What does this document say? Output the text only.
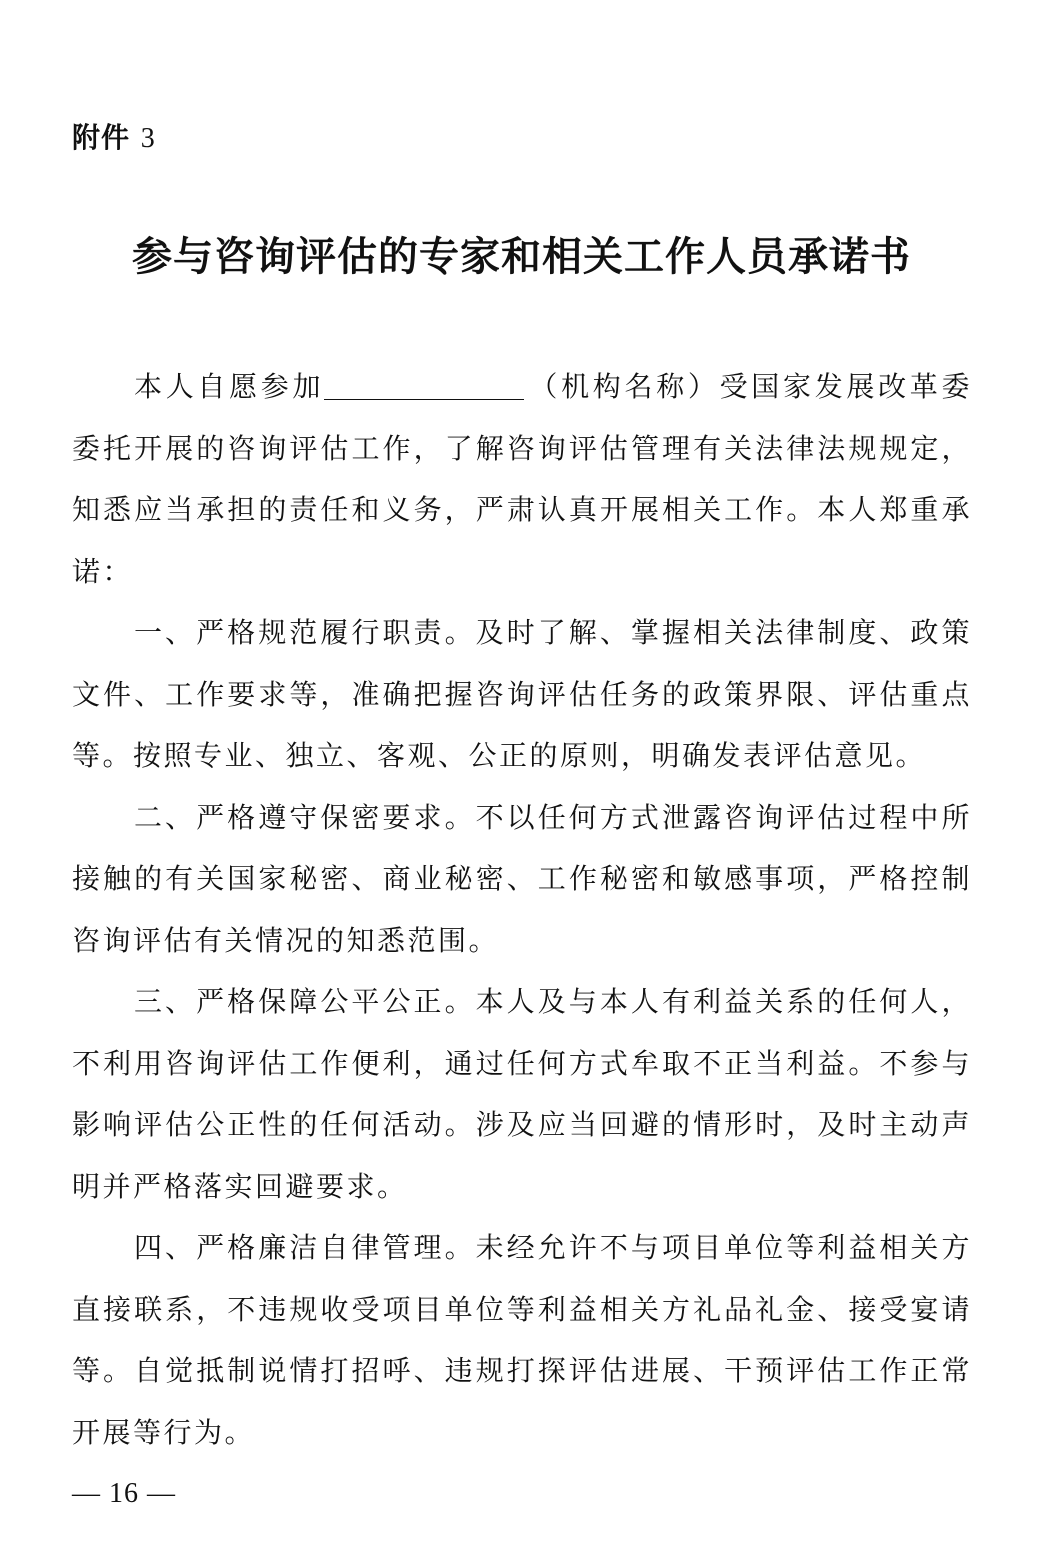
附件 3
参与咨询评估的专家和相关工作人员承诺书

本人自愿参加	（机构名称）受国家发展改革委委托开展的咨询评估工作，了解咨询评估管理有关法律法规规定，知悉应当承担的责任和义务，严肃认真开展相关工作。本人郑重承诺：

一、严格规范履行职责。及时了解、掌握相关法律制度、政策文件、工作要求等，准确把握咨询评估任务的政策界限、评估重点等。按照专业、独立、客观、公正的原则，明确发表评估意见。

二、严格遵守保密要求。不以任何方式泄露咨询评估过程中所接触的有关国家秘密、商业秘密、工作秘密和敏感事项，严格控制咨询评估有关情况的知悉范围。

三、严格保障公平公正。本人及与本人有利益关系的任何人，不利用咨询评估工作便利，通过任何方式牟取不正当利益。不参与影响评估公正性的任何活动。涉及应当回避的情形时，及时主动声明并严格落实回避要求。

四、严格廉洁自律管理。未经允许不与项目单位等利益相关方直接联系，不违规收受项目单位等利益相关方礼品礼金、接受宴请等。自觉抵制说情打招呼、违规打探评估进展、干预评估工作正常开展等行为。

— 16 —
